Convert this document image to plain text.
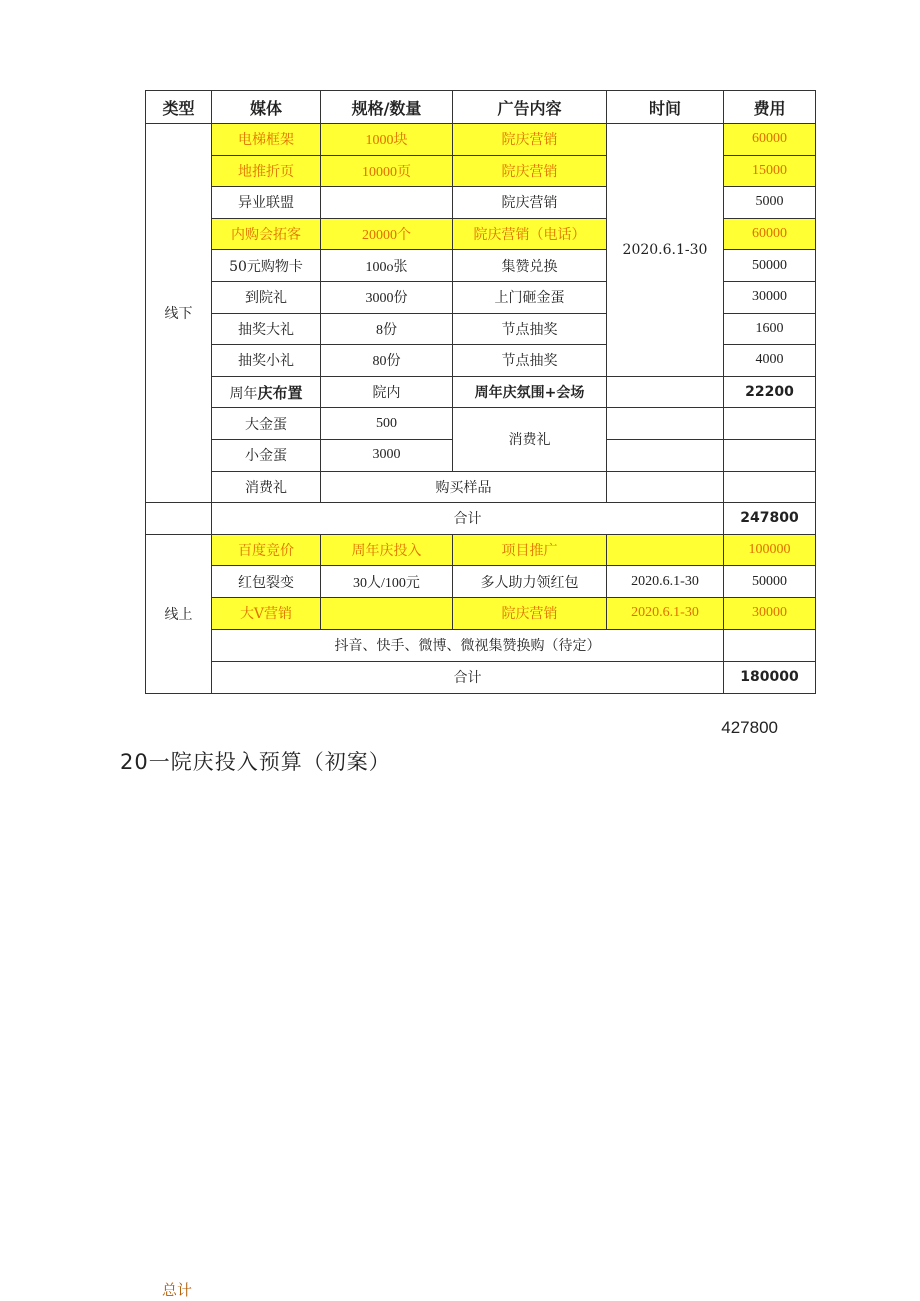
类型	媒体	规格/数量	广告内容	时间	费用
线下	电梯框架	1000块	院庆营销	2020.6.1-30	60000
	地推折页	10000页	院庆营销		15000
	异业联盟		院庆营销		5000
	内购会拓客	20000个	院庆营销（电话）		60000
	50元购物卡	100o张	集赞兑换		50000
	到院礼	3000份	上门砸金蛋		30000
	抽奖大礼	8份	节点抽奖		1600
	抽奖小礼	80份	节点抽奖		4000
	周年庆布置	院内	周年庆氛围+会场		22200
	大金蛋	500	消费礼		
	小金蛋	3000			
	消费礼	购买样品			
	合计				247800
线上	百度竞价	周年庆投入	项目推广		100000
	红包裂变	30人/100元	多人助力领红包	2020.6.1-30	50000
	大V营销		院庆营销	2020.6.1-30	30000
	抖音、快手、微博、微视集赞换购（待定）				
	合计				180000
427800
20一院庆投入预算（初案）
总计
